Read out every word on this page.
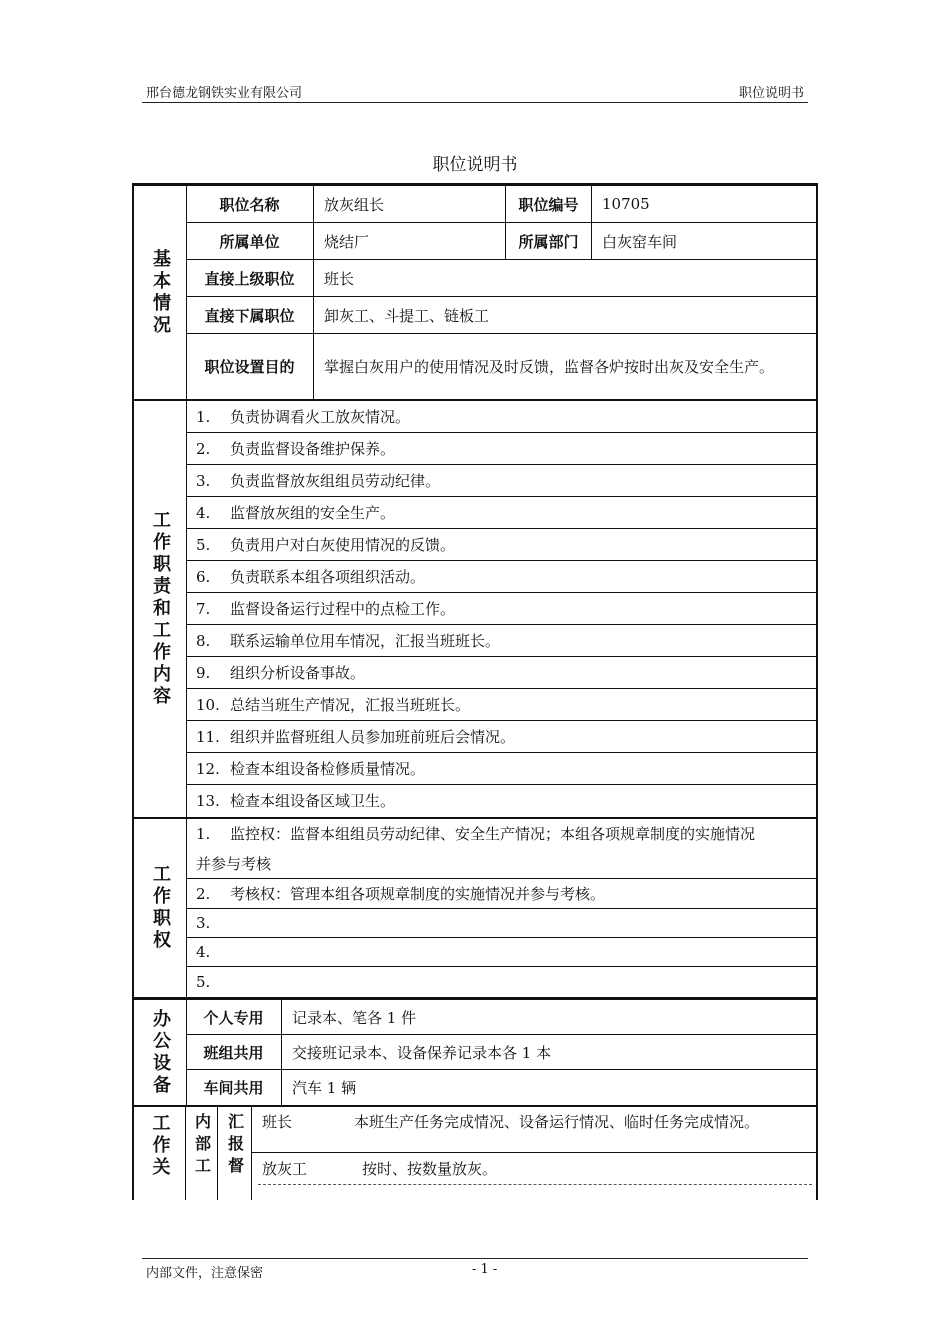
邢台德龙钢铁实业有限公司	职位说明书
职位说明书
基本情况
职位名称	放灰组长	职位编号	10705
所属单位	烧结厂	所属部门	白灰窑车间
直接上级职位	班长
直接下属职位	卸灰工、斗提工、链板工
职位设置目的	掌握白灰用户的使用情况及时反馈，监督各炉按时出灰及安全生产。
工作职责和工作内容
1.	负责协调看火工放灰情况。
2.	负责监督设备维护保养。
3.	负责监督放灰组组员劳动纪律。
4.	监督放灰组的安全生产。
5.	负责用户对白灰使用情况的反馈。
6.	负责联系本组各项组织活动。
7.	监督设备运行过程中的点检工作。
8.	联系运输单位用车情况，汇报当班班长。
9.	组织分析设备事故。
10. 总结当班生产情况，汇报当班班长。
11. 组织并监督班组人员参加班前班后会情况。
12. 检查本组设备检修质量情况。
13. 检查本组设备区域卫生。
工作职权
1. 监控权：监督本组组员劳动纪律、安全生产情况；本组各项规章制度的实施情况
并参与考核
2.	考核权：管理本组各项规章制度的实施情况并参与考核。
3.
4.
5.
办公设备	个人专用	记录本、笔各 1 件
班组共用	交接班记录本、设备保养记录本各 1 本
车间共用	汽车 1 辆
工作关	内部工 汇报督	班长	本班生产任务完成情况、设备运行情况、临时任务完成情况。
放灰工	按时、按数量放灰。
内部文件，注意保密	- 1 -
